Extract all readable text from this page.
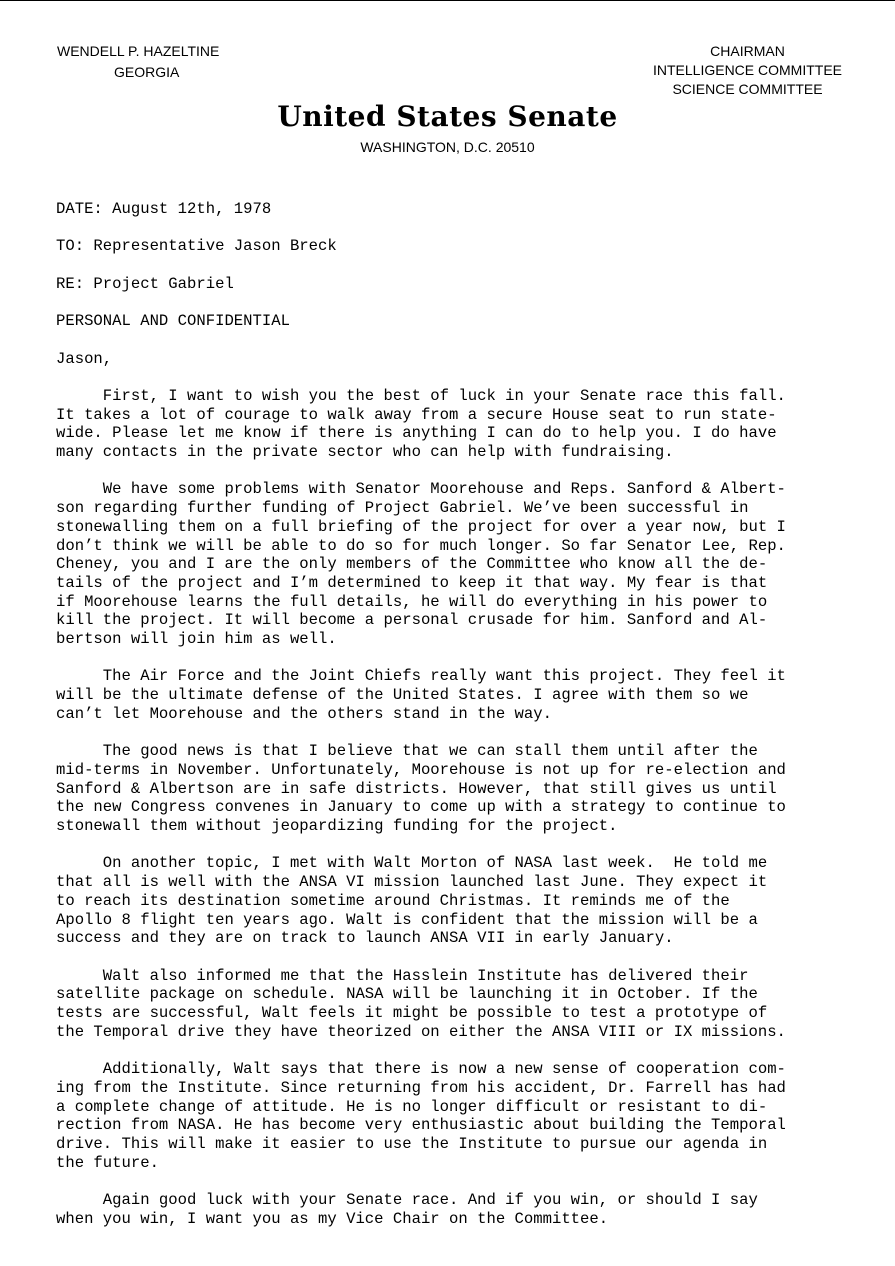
WENDELL P. HAZELTINE
GEORGIA
CHAIRMAN
INTELLIGENCE COMMITTEE
SCIENCE COMMITTEE
United States Senate
WASHINGTON, D.C. 20510
DATE: August 12th, 1978
TO: Representative Jason Breck
RE: Project Gabriel
PERSONAL AND CONFIDENTIAL
Jason,

First, I want to wish you the best of luck in your Senate race this fall.
It takes a lot of courage to walk away from a secure House seat to run state-
wide. Please let me know if there is anything I can do to help you. I do have
many contacts in the private sector who can help with fundraising.

We have some problems with Senator Moorehouse and Reps. Sanford & Albert-
son regarding further funding of Project Gabriel. We’ve been successful in
stonewalling them on a full briefing of the project for over a year now, but I
don’t think we will be able to do so for much longer. So far Senator Lee, Rep.
Cheney, you and I are the only members of the Committee who know all the de-
tails of the project and I’m determined to keep it that way. My fear is that
if Moorehouse learns the full details, he will do everything in his power to
kill the project. It will become a personal crusade for him. Sanford and Al-
bertson will join him as well.

The Air Force and the Joint Chiefs really want this project. They feel it
will be the ultimate defense of the United States. I agree with them so we
can’t let Moorehouse and the others stand in the way.

The good news is that I believe that we can stall them until after the
mid-terms in November. Unfortunately, Moorehouse is not up for re-election and
Sanford & Albertson are in safe districts. However, that still gives us until
the new Congress convenes in January to come up with a strategy to continue to
stonewall them without jeopardizing funding for the project.

On another topic, I met with Walt Morton of NASA last week.  He told me
that all is well with the ANSA VI mission launched last June. They expect it
to reach its destination sometime around Christmas. It reminds me of the
Apollo 8 flight ten years ago. Walt is confident that the mission will be a
success and they are on track to launch ANSA VII in early January.

Walt also informed me that the Hasslein Institute has delivered their
satellite package on schedule. NASA will be launching it in October. If the
tests are successful, Walt feels it might be possible to test a prototype of
the Temporal drive they have theorized on either the ANSA VIII or IX missions.

Additionally, Walt says that there is now a new sense of cooperation com-
ing from the Institute. Since returning from his accident, Dr. Farrell has had
a complete change of attitude. He is no longer difficult or resistant to di-
rection from NASA. He has become very enthusiastic about building the Temporal
drive. This will make it easier to use the Institute to pursue our agenda in
the future.

Again good luck with your Senate race. And if you win, or should I say
when you win, I want you as my Vice Chair on the Committee.
